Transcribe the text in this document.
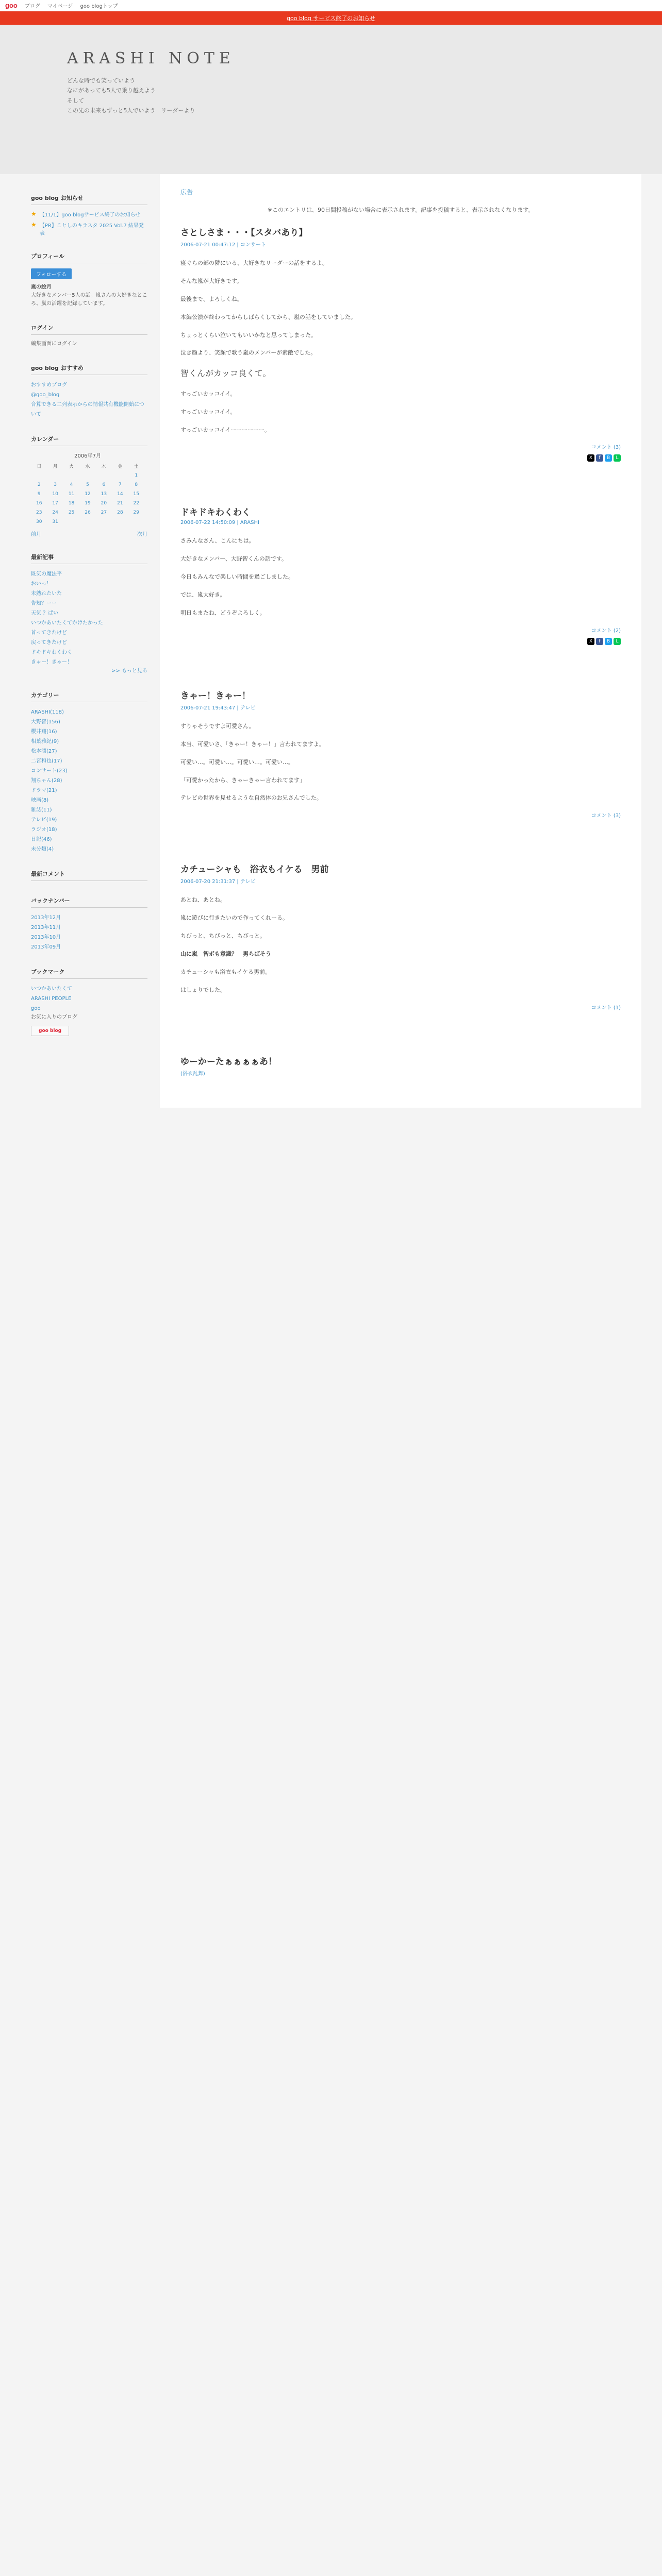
goo ブログ マイページ goo blogトップ
goo blog サービス終了のお知らせ
ARASHI NOTE
どんな時でも笑っていよう
なにがあっても5人で乗り越えよう
そして
この先の未来もずっと5人でいよう　リーダーより
goo blog お知らせ
★ 【11/1】goo blogサービス終了のお知らせ
★ 【PR】ことしのキラスタ 2025 Vol.7 結果発表
プロフィール
フォローする
嵐の絵月
大好きなメンバー5人の話。嵐さんの大好きなところ、嵐の活躍を記録しています。
ログイン
編集画面にログイン
goo blog おすすめ
おすすめブログ
@goo_blog
合算できる二列表示からの情報共有機能開始について
カレンダー
2006年7月
日	月	火	水	木	金	土
						1
2	3	4	5	6	7	8
9	10	11	12	13	14	15
16	17	18	19	20	21	22
23	24	25	26	27	28	29
30	31					
前月	次月
最新記事
既気の魔法平
おいっ！
未熟れたいた
告知？ーー
天気 ？ぱい
いつかあいたくてかけたかった
首ってきたけど
戻ってきたけど
ドキドキわくわく
きゃー！きゃー！
>> もっと見る
カテゴリー
ARASHI(118)
大野智(156)
櫻井翔(16)
相葉雅紀(9)
松本潤(27)
二宮和也(17)
コンサート(23)
翔ちゃん(28)
ドラマ(21)
映画(8)
雑誌(11)
テレビ(19)
ラジオ(18)
日記(46)
未分類(4)
最新コメント
バックナンバー
2013年12月
2013年11月
2013年10月
2013年09月
ブックマーク
いつかあいたくて
ARASHI PEOPLE
goo
お気に入りのブログ
goo blog
広告
※このエントリは、90日間投稿がない場合に表示されます。記事を投稿すると、表示されなくなります。
さとしさま・・・【スタバあり】
2006-07-21 00:47:12 | コンサート

寝ぐらの部の隣にいる、大好きなリーダーの話をするよ。

そんな嵐が大好きです。

最後まで、よろしくね。

本編公演が終わってからしばらくしてから、嵐の話をしていました。

ちょっとくらい泣いてもいいかなと思ってしまった。

泣き顔より、笑顔で歌う嵐のメンバーが素敵でした。

智くんがカッコ良くて。

すっごいカッコイイ。

すっごいカッコイイ。

すっごいカッコイイーーーーーー。

コメント (3)
X	f	B	L
ドキドキわくわく
2006-07-22 14:50:09 | ARASHI

さみんなさん、こんにちは。

大好きなメンバー、大野智くんの話です。

今日もみんなで楽しい時間を過ごしました。

では、嵐大好き。

明日もまたね、どうぞよろしく。

コメント (2)
X	f	B	L
きゃー！きゃー！
2006-07-21 19:43:47 | テレビ

すりゃそうですよ可愛さん。

本当、可愛いさ、「きゃー！きゃー！」言われてますよ。

可愛い…。可愛い…。可愛い…。可愛い…。

「可愛かったから、きゃーきゃー言われてます」

テレビの世界を見せるような自然体のお兄さんでした。

コメント (3)
カチューシャも　浴衣もイケる　男前
2006-07-20 21:31:37 | テレビ

あとね、あとね。

嵐に遊びに行きたいので作ってくれーる。

ちびっと、ちびっと、ちびっと。

山に嵐　智ボも意識？　男らばそう

カチューシャも浴衣もイケる男前。

はしょりでした。

コメント (1)
ゆーかーたぁぁぁぁあ！
(浴衣乱舞)
